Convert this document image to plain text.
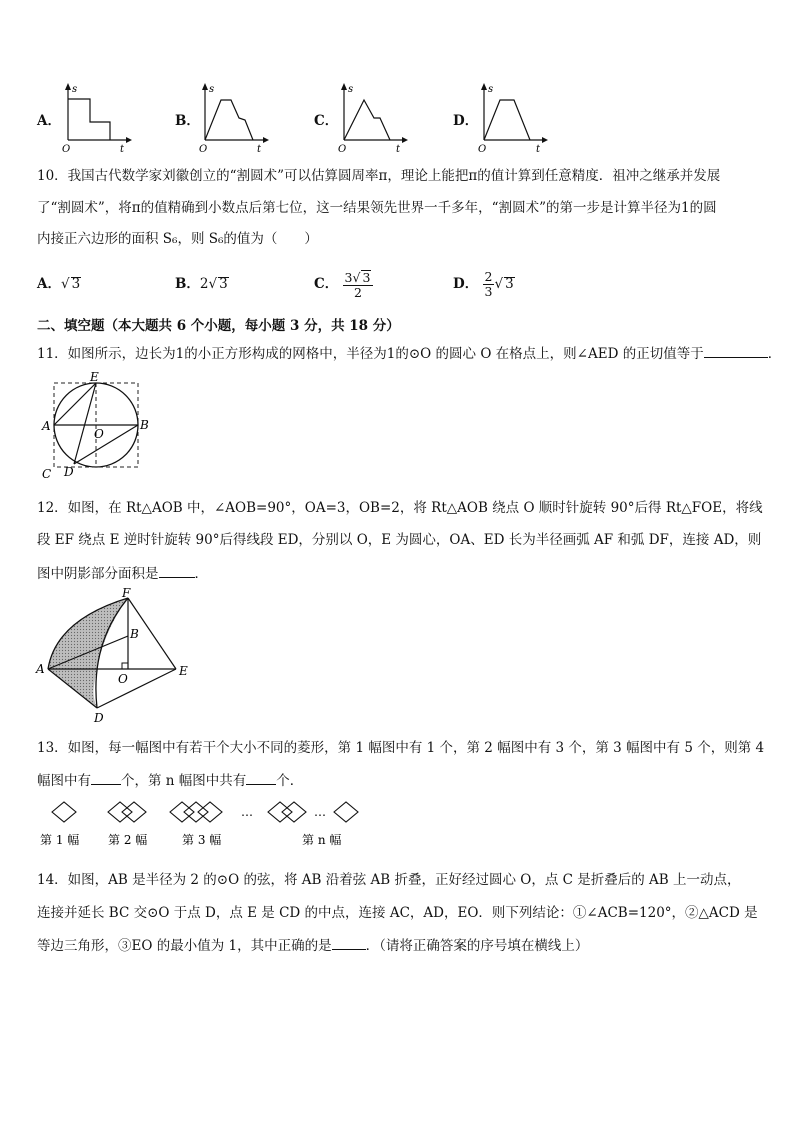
A．	B．	C．	D．
s
O	t
s
O	t
s
O	t
s
O	t
10．我国古代数学家刘徽创立的“割圆术”可以估算圆周率π，理论上能把π的值计算到任意精度．祖冲之继承并发展
了“割圆术”，将π的值精确到小数点后第七位，这一结果领先世界一千多年，“割圆术”的第一步是计算半径为1的圆
内接正六边形的面积 S₆，则 S₆的值为（　　）
A．√ 3	B．2√ 3	C． $\frac{3√ 3}{2}$	D． $\frac{2}{3}$ √ 3
二、填空题（本大题共 6 个小题，每小题 3 分，共 18 分）
11．如图所示，边长为1的小正方形构成的网格中，半径为1的⊙O 的圆心 O 在格点上，则∠AED 的正切值等于	．
E
A
O
B
C D
12．如图，在 Rt△AOB 中，∠AOB=90°，OA=3，OB=2，将 Rt△AOB 绕点 O 顺时针旋转 90°后得 Rt△FOE，将线
段 EF 绕点 E 逆时针旋转 90°后得线段 ED，分别以 O，E 为圆心，OA、ED 长为半径画弧 AF 和弧 DF，连接 AD，则
图中阴影部分面积是	．
F
B
A
O
E
D
13．如图，每一幅图中有若干个大小不同的菱形，第 1 幅图中有 1 个，第 2 幅图中有 3 个，第 3 幅图中有 5 个，则第 4
幅图中有 个，第 n 幅图中共有 个．
…	…
第 1 幅 第 2 幅	第 3 幅	第 n 幅
14．如图，AB 是半径为 2 的⊙O 的弦，将 AB 沿着弦 AB 折叠，正好经过圆心 O，点 C 是折叠后的 AB 上一动点，
连接并延长 BC 交⊙O 于点 D，点 E 是 CD 的中点，连接 AC，AD，EO．则下列结论：①∠ACB=120°，②△ACD 是
等边三角形，③EO 的最小值为 1，其中正确的是	．（请将正确答案的序号填在横线上）
